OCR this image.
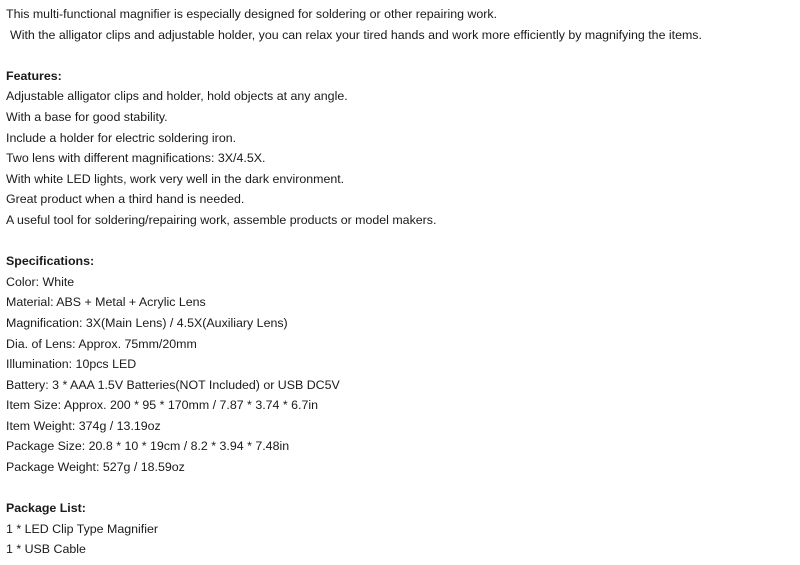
This multi-functional magnifier is especially designed for soldering or other repairing work.
With the alligator clips and adjustable holder, you can relax your tired hands and work more efficiently by magnifying the items.
Features:
Adjustable alligator clips and holder, hold objects at any angle.
With a base for good stability.
Include a holder for electric soldering iron.
Two lens with different magnifications: 3X/4.5X.
With white LED lights, work very well in the dark environment.
Great product when a third hand is needed.
A useful tool for soldering/repairing work, assemble products or model makers.
Specifications:
Color: White
Material: ABS + Metal + Acrylic Lens
Magnification: 3X(Main Lens) / 4.5X(Auxiliary Lens)
Dia. of Lens: Approx. 75mm/20mm
Illumination: 10pcs LED
Battery: 3 * AAA 1.5V Batteries(NOT Included) or USB DC5V
Item Size: Approx. 200 * 95 * 170mm / 7.87 * 3.74 * 6.7in
Item Weight: 374g / 13.19oz
Package Size: 20.8 * 10 * 19cm / 8.2 * 3.94 * 7.48in
Package Weight: 527g / 18.59oz
Package List:
1 * LED Clip Type Magnifier
1 * USB Cable
